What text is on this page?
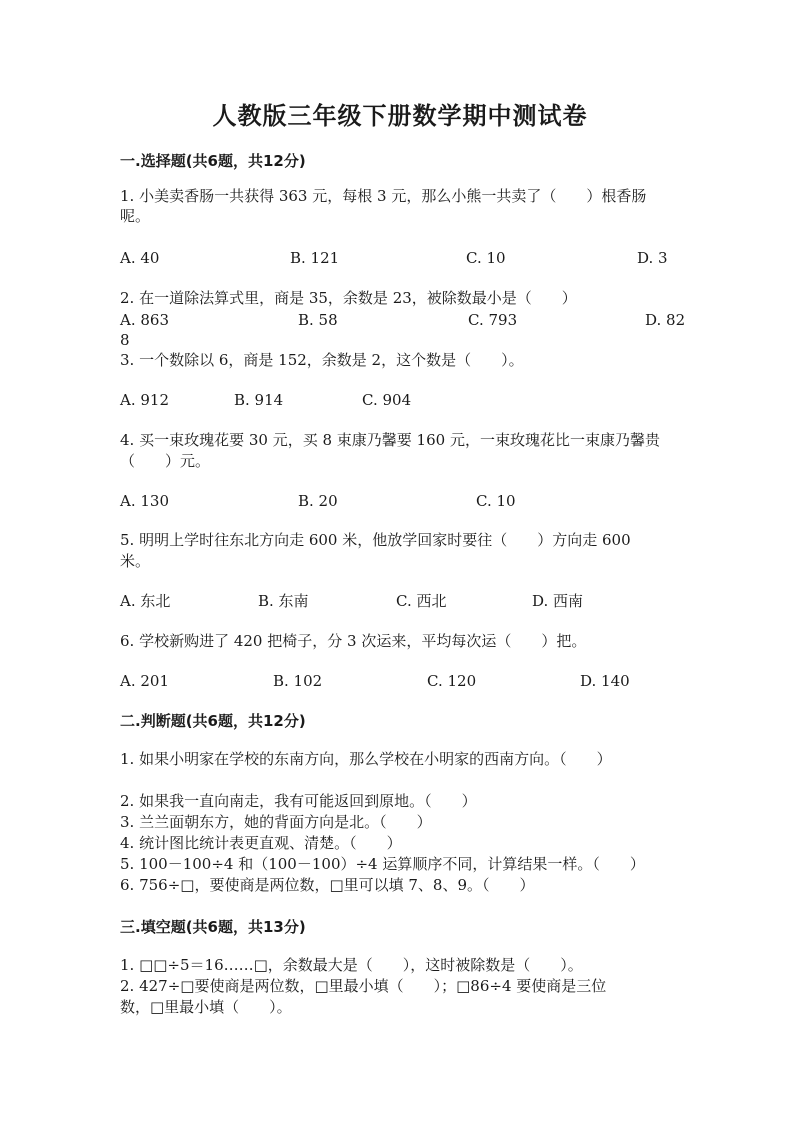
人教版三年级下册数学期中测试卷
一.选择题(共6题，共12分)
1. 小美卖香肠一共获得 363 元，每根 3 元，那么小熊一共卖了（　　）根香肠
呢。
A. 40	B. 121	C. 10	D. 3
2. 在一道除法算式里，商是 35，余数是 23，被除数最小是（　　）
A. 863	B. 58	C. 793	D. 82
8
3. 一个数除以 6，商是 152，余数是 2，这个数是（　　）。
A. 912	B. 914	C. 904
4. 买一束玫瑰花要 30 元，买 8 束康乃馨要 160 元，一束玫瑰花比一束康乃馨贵
（　　）元。
A. 130	B. 20	C. 10
5. 明明上学时往东北方向走 600 米，他放学回家时要往（　　）方向走 600
米。
A. 东北	B. 东南	C. 西北	D. 西南
6. 学校新购进了 420 把椅子，分 3 次运来，平均每次运（　　）把。
A. 201	B. 102	C. 120	D. 140
二.判断题(共6题，共12分)
1. 如果小明家在学校的东南方向，那么学校在小明家的西南方向。（　　）
2. 如果我一直向南走，我有可能返回到原地。（　　）
3. 兰兰面朝东方，她的背面方向是北。（　　）
4. 统计图比统计表更直观、清楚。（　　）
5. 100－100÷4 和（100－100）÷4 运算顺序不同，计算结果一样。（　　）
6. 756÷□，要使商是两位数，□里可以填 7、8、9。（　　）
三.填空题(共6题，共13分)
1. □□÷5＝16……□，余数最大是（　　），这时被除数是（　　）。
2. 427÷□要使商是两位数，□里最小填（　　）；□86÷4 要使商是三位
数，□里最小填（　　）。
